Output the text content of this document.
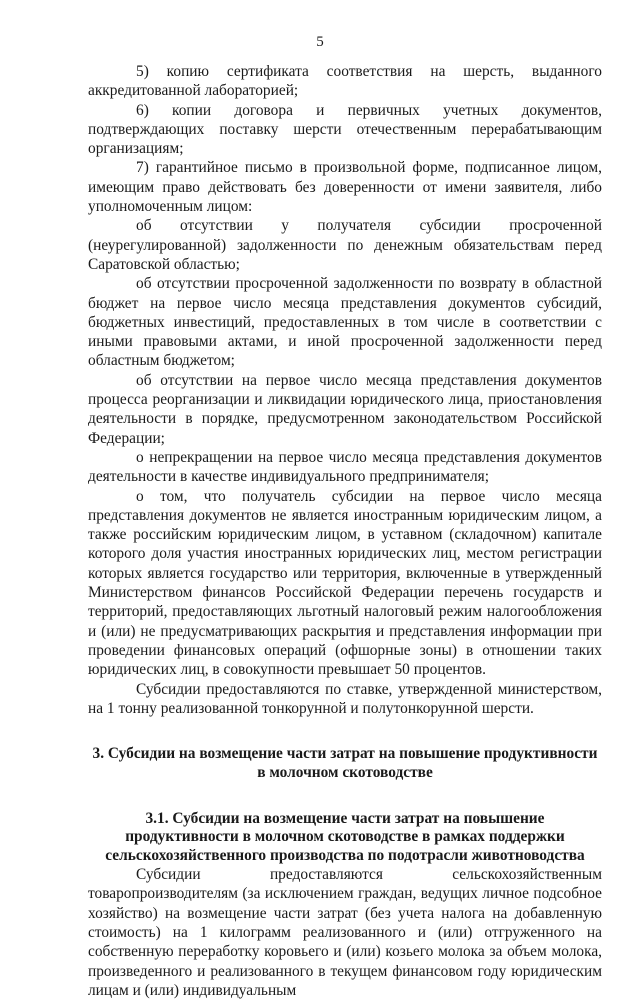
5

5) копию сертификата соответствия на шерсть, выданного аккредитованной лабораторией;

6) копии договора и первичных учетных документов, подтверждающих поставку шерсти отечественным перерабатывающим организациям;

7) гарантийное письмо в произвольной форме, подписанное лицом, имеющим право действовать без доверенности от имени заявителя, либо уполномоченным лицом:

об отсутствии у получателя субсидии просроченной (неурегулированной) задолженности по денежным обязательствам перед Саратовской областью;

об отсутствии просроченной задолженности по возврату в областной бюджет на первое число месяца представления документов субсидий, бюджетных инвестиций, предоставленных в том числе в соответствии с иными правовыми актами, и иной просроченной задолженности перед областным бюджетом;

об отсутствии на первое число месяца представления документов процесса реорганизации и ликвидации юридического лица, приостановления деятельности в порядке, предусмотренном законодательством Российской Федерации;

о непрекращении на первое число месяца представления документов деятельности в качестве индивидуального предпринимателя;

о том, что получатель субсидии на первое число месяца представления документов не является иностранным юридическим лицом, а также российским юридическим лицом, в уставном (складочном) капитале которого доля участия иностранных юридических лиц, местом регистрации которых является государство или территория, включенные в утвержденный Министерством финансов Российской Федерации перечень государств и территорий, предоставляющих льготный налоговый режим налогообложения и (или) не предусматривающих раскрытия и представления информации при проведении финансовых операций (офшорные зоны) в отношении таких юридических лиц, в совокупности превышает 50 процентов.

Субсидии предоставляются по ставке, утвержденной министерством, на 1 тонну реализованной тонкорунной и полутонкорунной шерсти.

3. Субсидии на возмещение части затрат на повышение продуктивности в молочном скотоводстве
3.1. Субсидии на возмещение части затрат на повышение продуктивности в молочном скотоводстве в рамках поддержки сельскохозяйственного производства по подотрасли животноводства

Субсидии предоставляются сельскохозяйственным товаропроизводителям (за исключением граждан, ведущих личное подсобное хозяйство) на возмещение части затрат (без учета налога на добавленную стоимость) на 1 килограмм реализованного и (или) отгруженного на собственную переработку коровьего и (или) козьего молока за объем молока, произведенного и реализованного в текущем финансовом году юридическим лицам и (или) индивидуальным
